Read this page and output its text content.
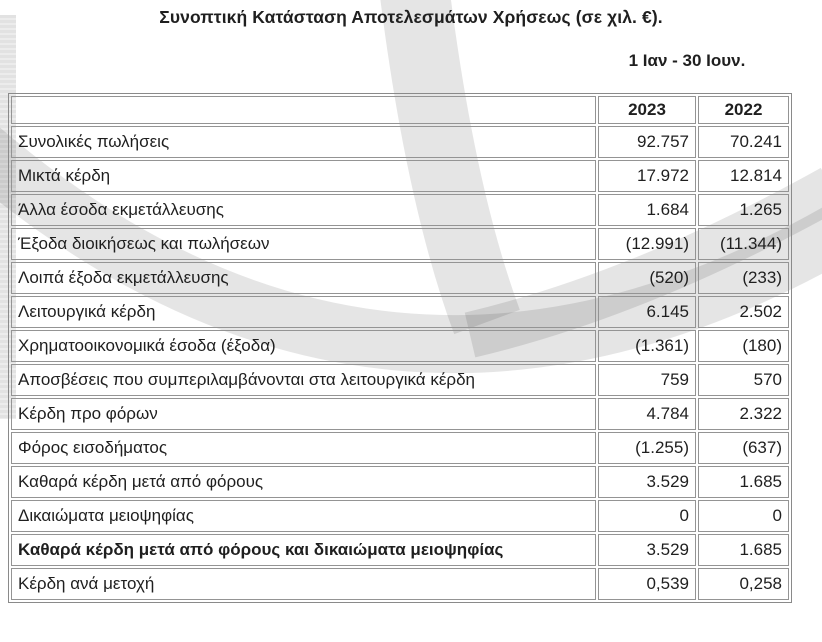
Συνοπτική Κατάσταση Αποτελεσμάτων Χρήσεως (σε χιλ. €).
1 Ιαν - 30 Ιουν.
	2023	2022
Συνολικές πωλήσεις	92.757	70.241
Μικτά κέρδη	17.972	12.814
Άλλα έσοδα εκμετάλλευσης	1.684	1.265
Έξοδα διοικήσεως και πωλήσεων	(12.991)	(11.344)
Λοιπά έξοδα εκμετάλλευσης	(520)	(233)
Λειτουργικά κέρδη	6.145	2.502
Χρηματοοικονομικά έσοδα (έξοδα)	(1.361)	(180)
Αποσβέσεις που συμπεριλαμβάνονται στα λειτουργικά κέρδη	759	570
Κέρδη προ φόρων	4.784	2.322
Φόρος εισοδήματος	(1.255)	(637)
Καθαρά κέρδη μετά από φόρους	3.529	1.685
Δικαιώματα μειοψηφίας	0	0
Καθαρά κέρδη μετά από φόρους και δικαιώματα μειοψηφίας	3.529	1.685
Κέρδη ανά μετοχή	0,539	0,258
